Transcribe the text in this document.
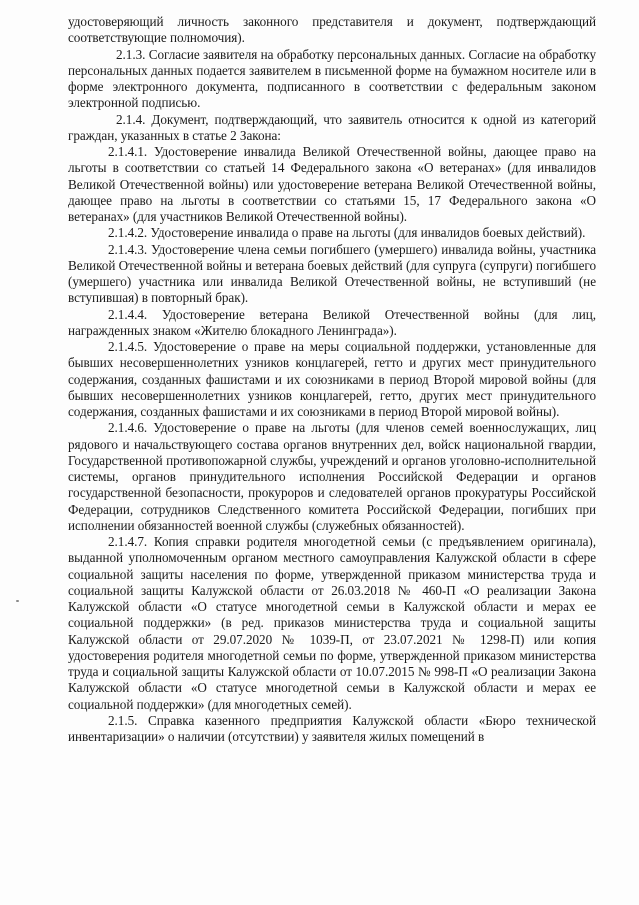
удостоверяющий личность законного представителя и документ, подтверждающий соответствующие полномочия).

2.1.3. Согласие заявителя на обработку персональных данных. Согласие на обработку персональных данных подается заявителем в письменной форме на бумажном носителе или в форме электронного документа, подписанного в соответствии с федеральным законом электронной подписью.

2.1.4. Документ, подтверждающий, что заявитель относится к одной из категорий граждан, указанных в статье 2 Закона:

2.1.4.1. Удостоверение инвалида Великой Отечественной войны, дающее право на льготы в соответствии со статьей 14 Федерального закона «О ветеранах» (для инвалидов Великой Отечественной войны) или удостоверение ветерана Великой Отечественной войны, дающее право на льготы в соответствии со статьями 15, 17 Федерального закона «О ветеранах» (для участников Великой Отечественной войны).

2.1.4.2. Удостоверение инвалида о праве на льготы (для инвалидов боевых действий).

2.1.4.3. Удостоверение члена семьи погибшего (умершего) инвалида войны, участника Великой Отечественной войны и ветерана боевых действий (для супруга (супруги) погибшего (умершего) участника или инвалида Великой Отечественной войны, не вступивший (не вступившая) в повторный брак).

2.1.4.4. Удостоверение ветерана Великой Отечественной войны (для лиц, награжденных знаком «Жителю блокадного Ленинграда»).

2.1.4.5. Удостоверение о праве на меры социальной поддержки, установленные для бывших несовершеннолетних узников концлагерей, гетто и других мест принудительного содержания, созданных фашистами и их союзниками в период Второй мировой войны (для бывших несовершеннолетних узников концлагерей, гетто, других мест принудительного содержания, созданных фашистами и их союзниками в период Второй мировой войны).

2.1.4.6. Удостоверение о праве на льготы (для членов семей военнослужащих, лиц рядового и начальствующего состава органов внутренних дел, войск национальной гвардии, Государственной противопожарной службы, учреждений и органов уголовно-исполнительной системы, органов принудительного исполнения Российской Федерации и органов государственной безопасности, прокуроров и следователей органов прокуратуры Российской Федерации, сотрудников Следственного комитета Российской Федерации, погибших при исполнении обязанностей военной службы (служебных обязанностей).

2.1.4.7. Копия справки родителя многодетной семьи (с предъявлением оригинала), выданной уполномоченным органом местного самоуправления Калужской области в сфере социальной защиты населения по форме, утвержденной приказом министерства труда и социальной защиты Калужской области от 26.03.2018 № 460-П «О реализации Закона Калужской области «О статусе многодетной семьи в Калужской области и мерах ее социальной поддержки» (в ред. приказов министерства труда и социальной защиты Калужской области от 29.07.2020 № 1039-П, от 23.07.2021 № 1298-П) или копия удостоверения родителя многодетной семьи по форме, утвержденной приказом министерства труда и социальной защиты Калужской области от 10.07.2015 № 998-П «О реализации Закона Калужской области «О статусе многодетной семьи в Калужской области и мерах ее социальной поддержки» (для многодетных семей).

2.1.5. Справка казенного предприятия Калужской области «Бюро технической инвентаризации» о наличии (отсутствии) у заявителя жилых помещений в
